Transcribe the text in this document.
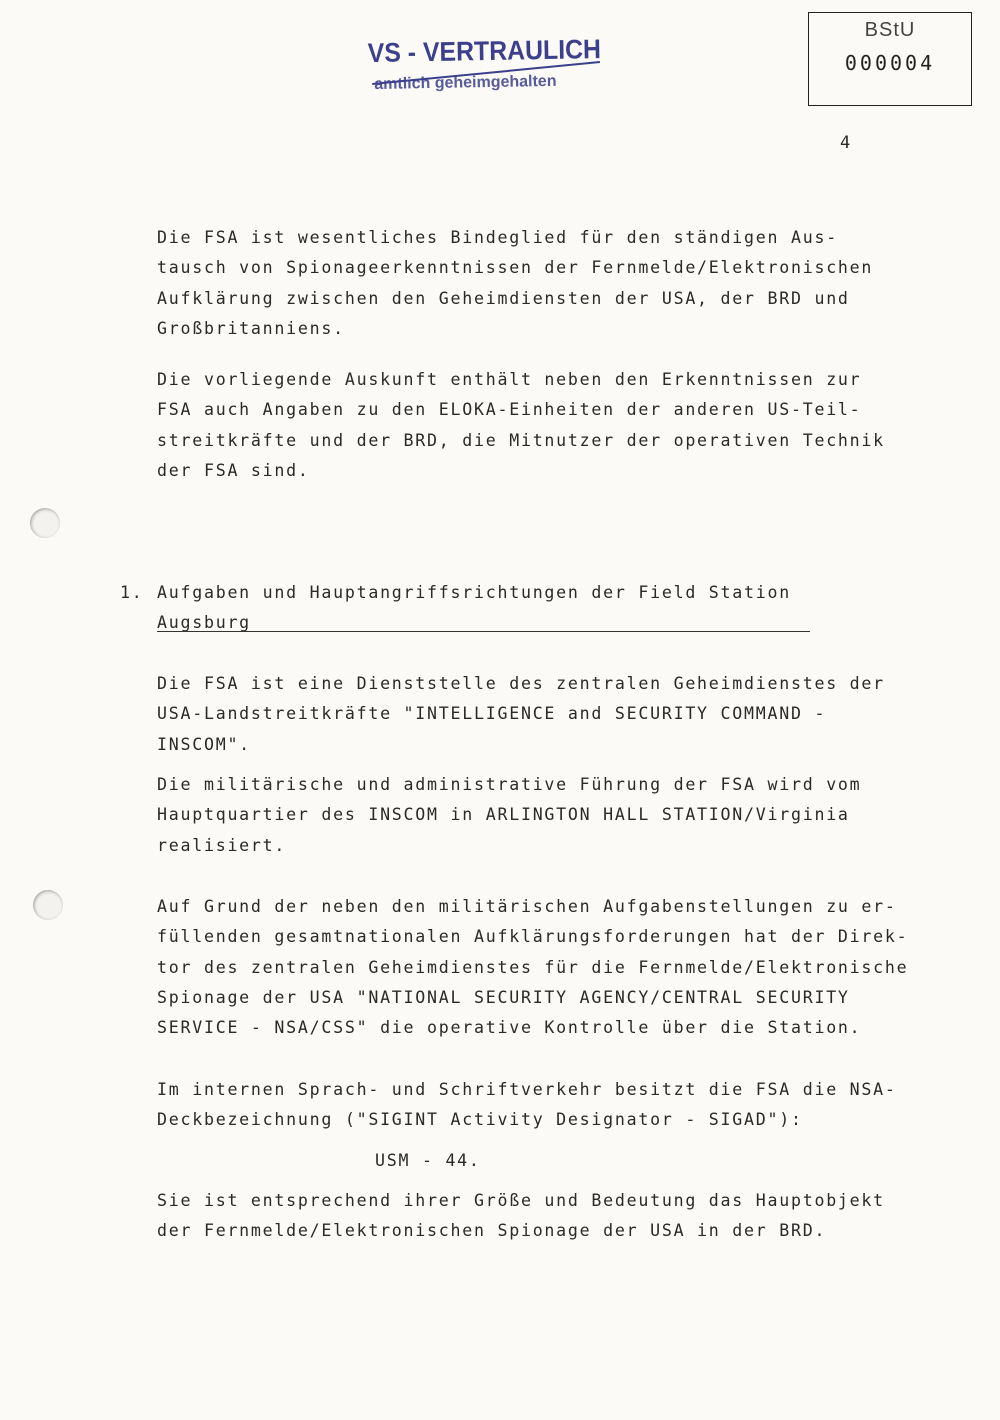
VS - VERTRAULICH
amtlich geheimgehalten
BStU
000004
4

Die FSA ist wesentliches Bindeglied für den ständigen Aus-
tausch von Spionageerkenntnissen der Fernmelde/Elektronischen
Aufklärung zwischen den Geheimdiensten der USA, der BRD und
Großbritanniens.

Die vorliegende Auskunft enthält neben den Erkenntnissen zur
FSA auch Angaben zu den ELOKA-Einheiten der anderen US-Teil-
streitkräfte und der BRD, die Mitnutzer der operativen Technik
der FSA sind.

1. Aufgaben und Hauptangriffsrichtungen der Field Station
Augsburg

Die FSA ist eine Dienststelle des zentralen Geheimdienstes der
USA-Landstreitkräfte "INTELLIGENCE and SECURITY COMMAND -
INSCOM".

Die militärische und administrative Führung der FSA wird vom
Hauptquartier des INSCOM in ARLINGTON HALL STATION/Virginia
realisiert.

Auf Grund der neben den militärischen Aufgabenstellungen zu er-
füllenden gesamtnationalen Aufklärungsforderungen hat der Direk-
tor des zentralen Geheimdienstes für die Fernmelde/Elektronische
Spionage der USA "NATIONAL SECURITY AGENCY/CENTRAL SECURITY
SERVICE - NSA/CSS" die operative Kontrolle über die Station.

Im internen Sprach- und Schriftverkehr besitzt die FSA die NSA-
Deckbezeichnung ("SIGINT Activity Designator - SIGAD"):

USM - 44.

Sie ist entsprechend ihrer Größe und Bedeutung das Hauptobjekt
der Fernmelde/Elektronischen Spionage der USA in der BRD.
